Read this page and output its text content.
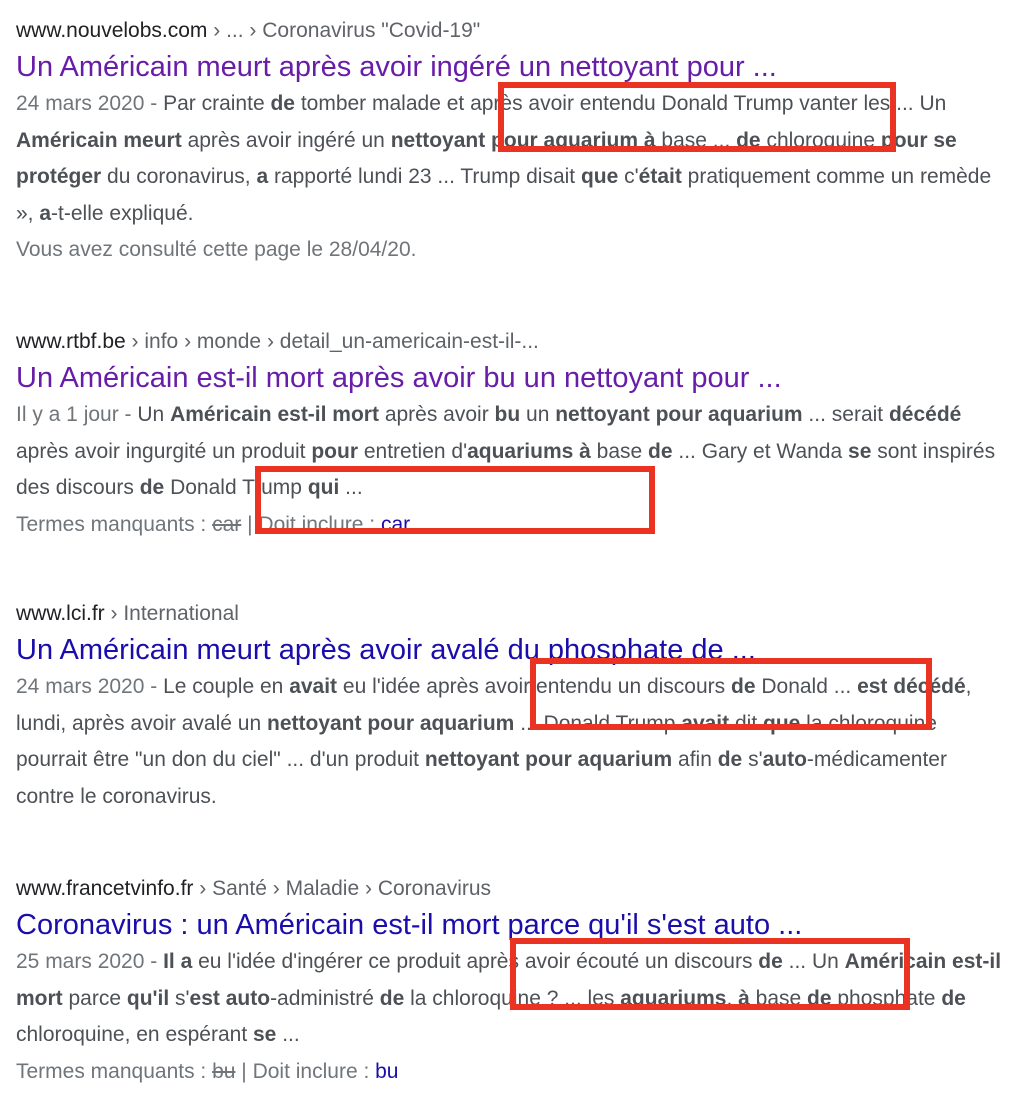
www.nouvelobs.com › ... › Coronavirus "Covid-19"
Un Américain meurt après avoir ingéré un nettoyant pour ...
24 mars 2020 - Par crainte de tomber malade et après avoir entendu Donald Trump vanter les ... Un Américain meurt après avoir ingéré un nettoyant pour aquarium à base ... de chloroquine pour se protéger du coronavirus, a rapporté lundi 23 ... Trump disait que c'était pratiquement comme un remède », a-t-elle expliqué.
Vous avez consulté cette page le 28/04/20.
www.rtbf.be › info › monde › detail_un-americain-est-il-...
Un Américain est-il mort après avoir bu un nettoyant pour ...
Il y a 1 jour - Un Américain est-il mort après avoir bu un nettoyant pour aquarium ... serait décédé après avoir ingurgité un produit pour entretien d'aquariums à base de ... Gary et Wanda se sont inspirés des discours de Donald Trump qui ...
Termes manquants : car | Doit inclure : car
www.lci.fr › International
Un Américain meurt après avoir avalé du phosphate de ...
24 mars 2020 - Le couple en avait eu l'idée après avoir entendu un discours de Donald ... est décédé, lundi, après avoir avalé un nettoyant pour aquarium ... Donald Trump avait dit que la chloroquine pourrait être "un don du ciel" ... d'un produit nettoyant pour aquarium afin de s'auto-médicamenter contre le coronavirus.
www.francetvinfo.fr › Santé › Maladie › Coronavirus
Coronavirus : un Américain est-il mort parce qu'il s'est auto ...
25 mars 2020 - Il a eu l'idée d'ingérer ce produit après avoir écouté un discours de ... Un Américain est-il mort parce qu'il s'est auto-administré de la chloroquine ? ... les aquariums, à base de phosphate de chloroquine, en espérant se ...
Termes manquants : bu | Doit inclure : bu
